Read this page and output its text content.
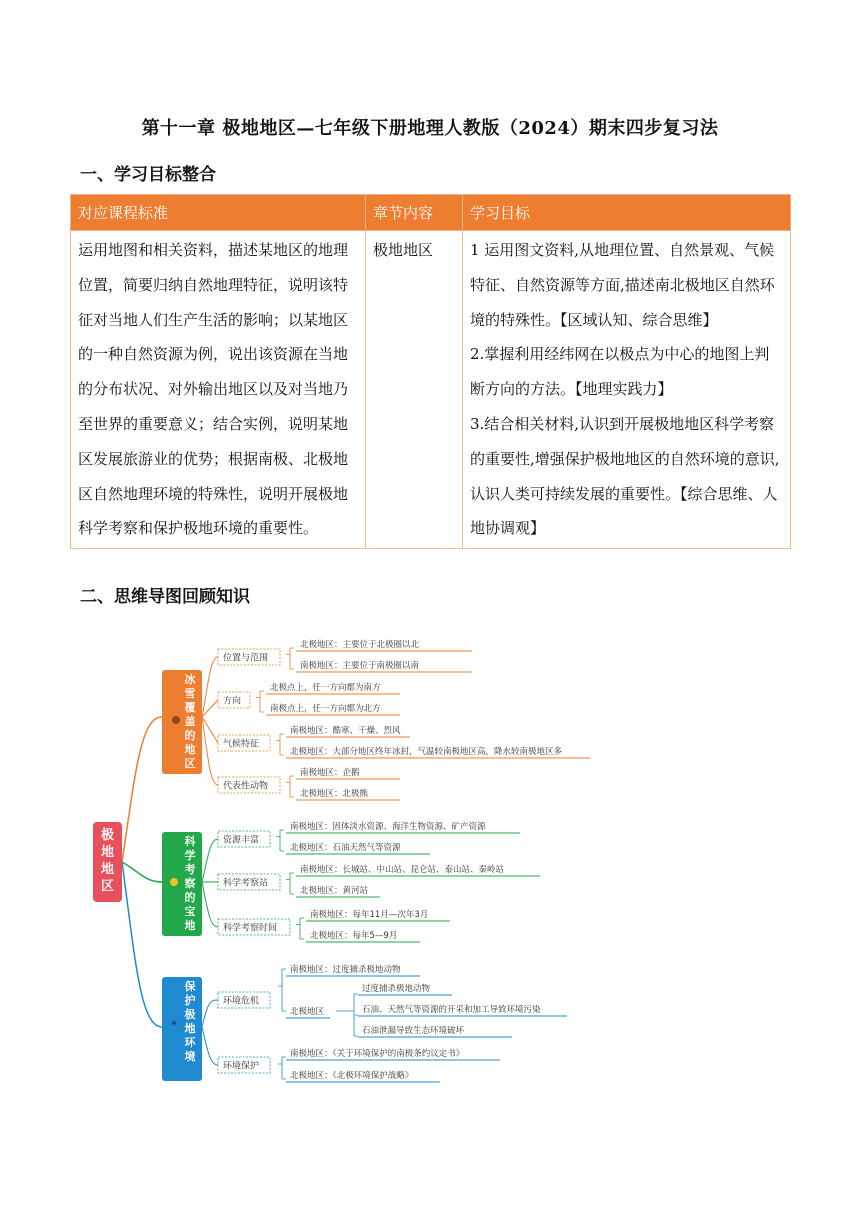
第十一章 极地地区—七年级下册地理人教版（2024）期末四步复习法
一、学习目标整合
对应课程标准	章节内容	学习目标
运用地图和相关资料，描述某地区的地理位置，简要归纳自然地理特征，说明该特征对当地人们生产生活的影响；以某地区的一种自然资源为例，说出该资源在当地的分布状况、对外输出地区以及对当地乃至世界的重要意义；结合实例，说明某地区发展旅游业的优势；根据南极、北极地区自然地理环境的特殊性，说明开展极地科学考察和保护极地环境的重要性。	极地地区	1 运用图文资料,从地理位置、自然景观、气候特征、自然资源等方面,描述南北极地区自然环境的特殊性。【区域认知、综合思维】
2.掌握利用经纬网在以极点为中心的地图上判断方向的方法。【地理实践力】
3.结合相关材料,认识到开展极地地区科学考察的重要性,增强保护极地地区的自然环境的意识,认识人类可持续发展的重要性。【综合思维、人地协调观】
二、思维导图回顾知识
极地地区
冰雪覆盖的地区
位置与范围
北极地区：主要位于北极圈以北
南极地区：主要位于南极圈以南
方向
北极点上，任一方向都为南方
南极点上，任一方向都为北方
气候特征
南极地区：酷寒、干燥、烈风
北极地区：大部分地区终年冰封，气温较南极地区高，降水较南极地区多
代表性动物
南极地区：企鹅
北极地区：北极熊
科学考察的宝地
资源丰富
南极地区：固体淡水资源、海洋生物资源、矿产资源
北极地区：石油天然气等资源
科学考察站
南极地区：长城站、中山站、昆仑站、泰山站、秦岭站
北极地区：黄河站
科学考察时间
南极地区：每年11月—次年3月
北极地区：每年5—9月
保护极地环境
✶
环境危机
南极地区：过度捕杀极地动物
北极地区
过度捕杀极地动物
石油、天然气等资源的开采和加工导致环境污染
石油泄漏导致生态环境破坏
环境保护
南极地区：《关于环境保护的南极条约议定书》
北极地区：《北极环境保护战略》
